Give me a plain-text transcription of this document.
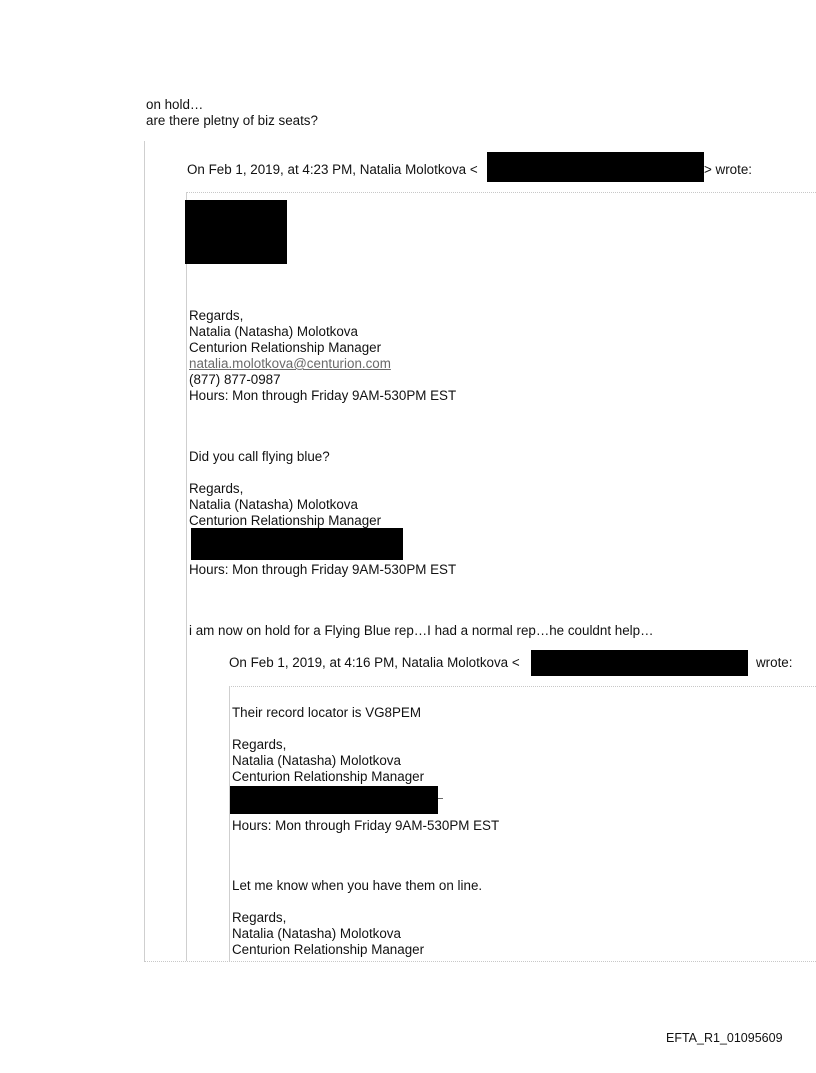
on hold…
are there pletny of biz seats?
On Feb 1, 2019, at 4:23 PM, Natalia Molotkova <	> wrote:
Regards,
Natalia (Natasha) Molotkova
Centurion Relationship Manager
natalia.molotkova@centurion.com
(877) 877-0987
Hours: Mon through Friday 9AM-530PM EST
Did you call flying blue?
Regards,
Natalia (Natasha) Molotkova
Centurion Relationship Manager
Hours: Mon through Friday 9AM-530PM EST
i am now on hold for a Flying Blue rep…I had a normal rep…he couldnt help…
On Feb 1, 2019, at 4:16 PM, Natalia Molotkova <	wrote:
Their record locator is VG8PEM
Regards,
Natalia (Natasha) Molotkova
Centurion Relationship Manager
Hours: Mon through Friday 9AM-530PM EST
Let me know when you have them on line.
Regards,
Natalia (Natasha) Molotkova
Centurion Relationship Manager
EFTA_R1_01095609
